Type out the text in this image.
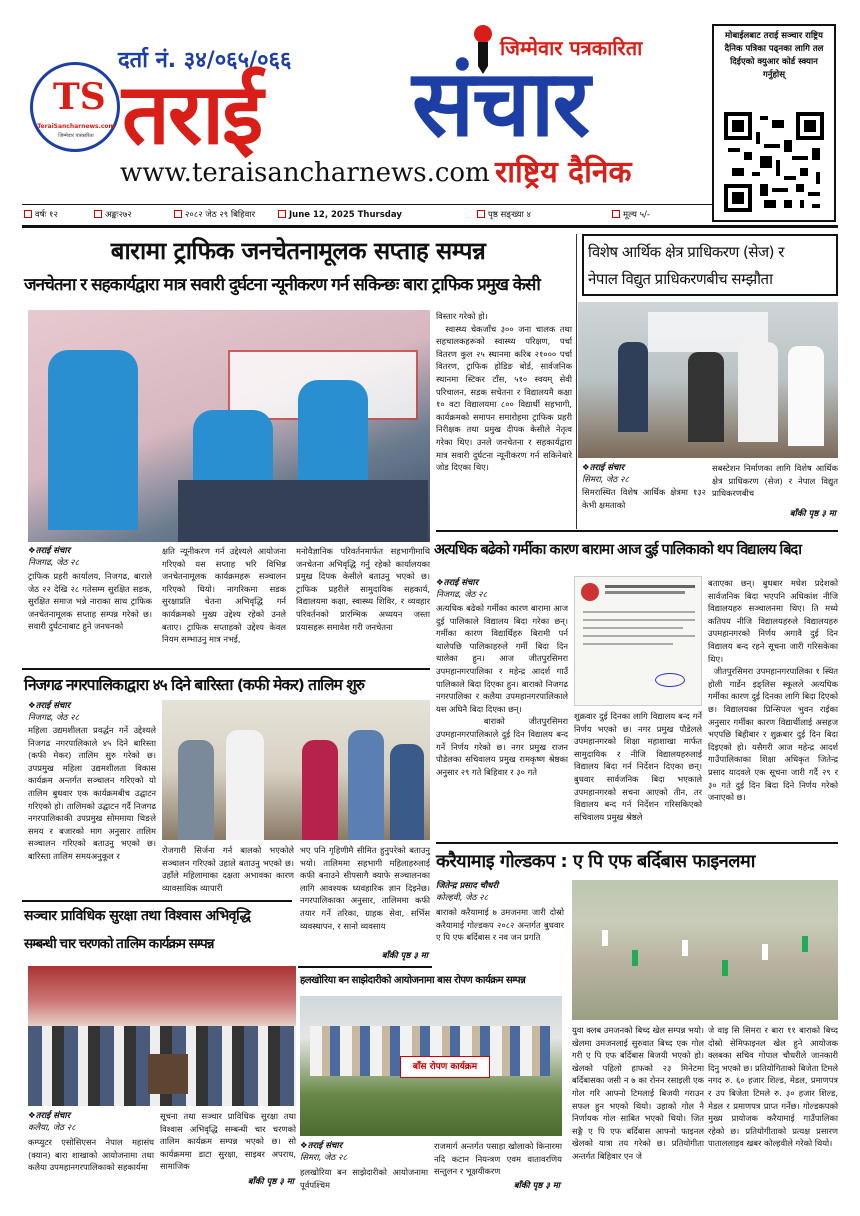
TS
TeraiSancharnews.com
जिम्मेवार पत्रकारिता
दर्ता नं. ३४/०६५/०६६
तराई
जिम्मेवार पत्रकारिता
संचार
www.teraisancharnews.com राष्ट्रिय दैनिक
मोबाईलबाट तराई सञ्चार राष्ट्रिय दैनिक पत्रिका पढ्नका लागि तल दिईएको क्युआर कोर्ड स्क्यान गर्नुहोस्
वर्षः १२	अङ्कः२७२	२०८२ जेठ २९ बिहिवार	June 12, 2025 Thursday	पृष्ठ सङ्ख्या ४	मूल्य ५/-
बारामा ट्राफिक जनचेतनामूलक सप्ताह सम्पन्न
जनचेतना र सहकार्यद्वारा मात्र सवारी दुर्घटना न्यूनीकरण गर्न सकिन्छः बारा ट्राफिक प्रमुख केसी
❖तराई संचार
निजगढ, जेठ २८
ट्राफिक प्रहरी कार्यालय, निजगढ, बाराले जेठ २२ देखि २८ गतेसम्म सुरक्षित सडक, सुरक्षित समाज भन्ने नाराका साथ ट्राफिक जनचेतनामूलक सप्ताह सम्पन्न गरेको छ। सवारी दुर्घटनाबाट हुने जनधनको
क्षति न्यूनीकरण गर्न उद्देश्यले आयोजना गरिएको यस सप्ताह भरि विभिन्न जनचेतनामूलक कार्यक्रमहरू सञ्चालन गरिएको थियो। नागरिकमा सडक सुरक्षाप्रति चेतना अभिवृद्धि गर्न कार्यक्रमको मुख्य उद्देश्य रहेको उनले बताए। ट्राफिक सप्ताहको उद्देश्य केवल नियम सम्भाउनु मात्र नभई,
मनोवैज्ञानिक परिवर्तनमार्फत सहभागीमाथि जनचेतना अभिवृद्धि गर्नु रहेको कार्यालयका प्रमुख दिपक केसीले बताउनु भएको छ। ट्राफिक प्रहरीले सामुदायिक सहकार्य, विद्यालयमा कक्षा, स्वास्थ्य शिविर, र व्यवहार परिवर्तनको प्रारम्भिक अध्ययन जस्ता प्रयासहरू समावेश गरी जनचेतना
विस्तार गरेको हो।
स्वास्थ्य चेकजाँच ३०० जना चालक तथा सहचालकहरूको स्वास्थ्य परिक्षण, पर्चा वितरण कुल २५ स्थानमा करिब २१००० पर्चा वितरण, ट्राफिक होडिङ बोर्ड, सार्वजनिक स्थानमा स्टिकर टाँस, ५१० स्वयम् सेवी परिचालन, सडक सचेतना र विद्यालयमै कक्षा १० वटा विद्यालयमा ८०० विद्यार्थी सहभागी, कार्यक्रमको समापन समारोहमा ट्राफिक प्रहरी निरीक्षक तथा प्रमुख दीपक केसीले नेतृत्व गरेका थिए। उनले जनचेतना र सहकार्यद्वारा मात्र सवारी दुर्घटना न्यूनीकरण गर्न सकिनेबारे जोड दिएका थिए।
विशेष आर्थिक क्षेत्र प्राधिकरण (सेज) र
नेपाल विद्युत प्राधिकरणबीच सम्झौता
❖तराई संचार
सिमरा, जेठ २८
सिमरास्थित विशेष आर्थिक क्षेत्रमा १३२ केभी क्षमताको
सबस्टेशन निर्माणका लागि विशेष आर्थिक क्षेत्र प्राधिकरण (सेज) र नेपाल विद्युत प्राधिकरणबीच
बाँकी पृष्ठ ३ मा
अत्यधिक बढेको गर्मीका कारण बारामा आज दुई पालिकाको थप विद्यालय बिदा
❖तराई संचार
निजगढ, जेठ २८
अत्यधिक बढेको गर्मीका कारण बारामा आज दुई पालिकाले विद्यालय बिदा गरेका छन्। गर्मीका कारण विद्यार्थिहरु बिरामी पर्न थालेपछि पालिकाहरुले गर्मी बिदा दिन थालेका हुन। आज जीतपुरसिमरा उपमहानगरपालिका र महेन्द्र आदर्श गाउँ पालिकाले बिदा दिएका हुन। बाराको निजगढ नगरपालिका र कलैया उपमहानगरपालिकाले यस अघिनै बिदा दिएका छन्।
बाराको जीतपुरसिमरा उपमहानगरपालिकाले दुई दिन विद्यालय बन्द गर्ने निर्णय गरेको छ। नगर प्रमुख राजन पौडेलका सचिवालय प्रमुख रामकृष्ण श्रेष्ठका अनुसार २९ गते बिहिवार र ३० गते
शुक्रवार दुई दिनका लागि विद्यालय बन्द गर्ने निर्णय भएको छ। नगर प्रमुख पौडेलले उपमहानगरको शिक्षा महाशाखा मार्फत सामुदायिक र नीजि विद्यालयहरुलाई विद्यालय बिदा गर्न निर्देशन दिएका छन्। बुधवार सार्वजनिक बिदा भएकाले उपमहानगरको सचना आएको तीन, तर विद्यालय बन्द गर्न निर्देशन गरिसकिएको सचिवालय प्रमुख श्रेष्ठले
बताएका छन्। बुधबार मधेश प्रदेशको सार्वजनिक बिदा भएपनि अधिकांश नीजि विद्यालयहरु सञ्चालनमा थिए। ति मध्ये कतिपय नीजि विद्यालयहरुले विद्यालयहरु उपमहानगरको निर्णय अगावै दुई दिन विद्यालय बन्द रहने सूचना जारी गरिसकेका थिए।
जीतपुरसिमरा उपमहानगरपालिका १ स्थित होली गार्डेन इङ्लिस स्कूलले अत्यधिक गर्मीका कारण दुई दिनका लागि बिदा दिएको छ। विद्यालयका प्रिन्सिपल भुवन राईका अनुसार गर्मीका कारण विद्यार्थीलाई असहज भएपछि बिहीबार र शुक्रबार दुई दिन बिदा दिइएको हो। यसैगरी आज महेन्द्र आदर्श गाउँपालिकाका शिक्षा अधिकृत जितेन्द्र प्रसाद यादवले एक सूचना जारी गर्दै २९ र ३० गते दुई दिन बिदा दिने निर्णय गरेको जनाएको छ।
निजगढ नगरपालिकाद्वारा ४५ दिने बारिस्ता (कफी मेकर) तालिम शुरु
❖तराई संचार
निजगढ, जेठ २८
महिला उद्यमशीलता प्रवर्द्धन गर्ने उद्देश्यले निजगढ नगरपालिकाले ४५ दिने बारिस्ता (कफी मेकर) तालिम सुरु गरेको छ। उपप्रमुख महिला उद्यमशीलता विकास कार्यक्रम अन्तर्गत सञ्चालन गरिएको यो तालिम बुधवार एक कार्यक्रमबीच उद्घाटन गरिएको हो। तालिमको उद्घाटन गर्दै निजगढ नगरपालिकाकी उपप्रमुख सोममाया थिङले समय र बजारको माग अनुसार तालिम सञ्चालन गरिएको बताउनु भएको छ। बारिस्ता तालिम समयअनुकूल र
रोजगारी सिर्जना गर्न बालको भएकोले सञ्चालन गरिएको उहाले बताउनु भएको छ। उहाँले महिलामाका दक्षता अभावका कारण व्यावसायिक व्यापारी
भए पनि गृहिणीमै सीमित हुनुपरेको बताउनु भयो। तालिममा सहभागी महिलाहरुलाई कफी बनाउने सीपसागै क्याफे सञ्चालनका लागि आवश्यक ध्यवहारिक ज्ञान दिइनेछ। नगरपालिकाका अनुसार, तालिममा कफी तयार गर्ने तरिका, ग्राहक सेवा, सर्भिस व्यवस्थापन, र सानो व्यवसाय
बाँकी पृष्ठ ३ मा
सञ्चार प्राविधिक सुरक्षा तथा विश्वास अभिवृद्धि
सम्बन्धी चार चरणको तालिम कार्यक्रम सम्पन्न
❖तराई संचार
कलैया, जेठ २८
कम्प्युटर एसोसिएसन नेपाल महासंघ (क्यान) बारा शाखाको आयोजनामा तथा कलैया उपमहानगरपालिकाको सहकार्यमा
सूचना तथा सञ्चार प्राविधिक सुरक्षा तथा विश्वास अभिवृद्धि सम्बन्धी चार चरणको तालिम कार्यक्रम सम्पन्न भएको छ। सो कार्यक्रममा डाटा सुरक्षा, साइबर अपराध, सामाजिक
बाँकी पृष्ठ ३ मा
हलखोरिया बन साझेदारीको आयोजनामा बास रोपण कार्यक्रम सम्पन्न
बाँस रोपण कार्यक्रम
❖तराई संचार
सिमरा, जेठ २८
हलखोरिया बन साझेदारीको आयोजनामा पूर्वपश्चिम
राजमार्ग अन्तर्गत पसाहा खोलाको किनारमा नदि कटान नियन्त्रण एवम वातावरणिय सन्तुलन र भूक्षयीकरण
बाँकी पृष्ठ ३ मा
करैयामाइ गोल्डकप : ए पि एफ बर्दिबास फाइनलमा
जितेन्द्र प्रसाद चौधरी
कोल्हवी, जेठ २८
बाराको करैयामाई ७ उमजनमा जारी दोस्रो करैयामाई गोल्डकप २०८२ अन्तर्गत बुधवार ए पि एफ बर्दिबास र नव जन प्रगति
युवा क्लब उमजनको बिच्द खेल सम्पन्न भयो। खेलमा उमजनलाई सुरुवात बिच्द एक गोल गरी ए पि एफ बर्दिबास बिजयी भएको हो। खेलको पहिलो हाफको २३ मिनेटमा बर्दिबासका जसी न ७ का रोनन रसाइली एक गोल गरि आफ्नो टिमलाई बिजयी गराउन सफल हुन भएको थियो। उहाको गोल नै निर्णायक गोल साबित भएको थियो। जित सङ्गै ए पि एफ बर्दिबास आफ्नो फाइनल खेलको यात्रा तय गरेको छ। प्रतियोगीता अन्तर्गत बिहिवार एन जे
जे वाइ सि सिमरा र बारा ११ बाराको बिच्द दोस्रो सेमिफाइनल खेल हुने आयोजक क्लबका सचिव गोपाल चौधरीले जानकारी दिनु भएको छ। प्रतियोगिताको बिजेता टिमले नगद रु. ६० हजार शिल्ड, मेडल, प्रमाणपत्र र उप बिजेता टिमले रु. ३० हजार शिल्ड, मेडल र प्रमाणपत्र प्राप्त गर्नेछ। गोल्डकपको मुख्य प्रायोजक करैयामाई गाउँपालिका रहेको छ। प्रतियोगीताको प्रत्यक्ष प्रसारण पाताललाइव खबर कोल्हवीले गरेको थियो।
